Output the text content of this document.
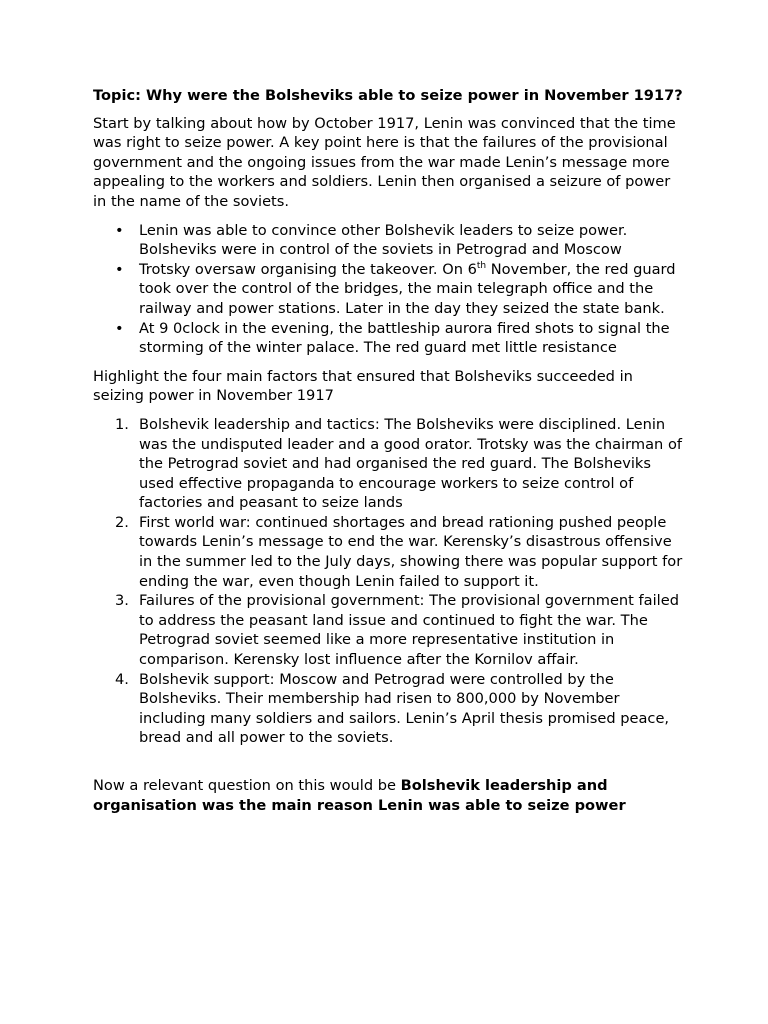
Topic: Why were the Bolsheviks able to seize power in November 1917?

Start by talking about how by October 1917, Lenin was convinced that the time was right to seize power. A key point here is that the failures of the provisional government and the ongoing issues from the war made Lenin’s message more appealing to the workers and soldiers. Lenin then organised a seizure of power in the name of the soviets.

• Lenin was able to convince other Bolshevik leaders to seize power. Bolsheviks were in control of the soviets in Petrograd and Moscow
• Trotsky oversaw organising the takeover. On 6th November, the red guard took over the control of the bridges, the main telegraph office and the railway and power stations. Later in the day they seized the state bank.
• At 9 0clock in the evening, the battleship aurora fired shots to signal the storming of the winter palace. The red guard met little resistance

Highlight the four main factors that ensured that Bolsheviks succeeded in seizing power in November 1917

1. Bolshevik leadership and tactics: The Bolsheviks were disciplined. Lenin was the undisputed leader and a good orator. Trotsky was the chairman of the Petrograd soviet and had organised the red guard. The Bolsheviks used effective propaganda to encourage workers to seize control of factories and peasant to seize lands
2. First world war: continued shortages and bread rationing pushed people towards Lenin’s message to end the war. Kerensky’s disastrous offensive in the summer led to the July days, showing there was popular support for ending the war, even though Lenin failed to support it.
3. Failures of the provisional government: The provisional government failed to address the peasant land issue and continued to fight the war. The Petrograd soviet seemed like a more representative institution in comparison. Kerensky lost influence after the Kornilov affair.
4. Bolshevik support: Moscow and Petrograd were controlled by the Bolsheviks. Their membership had risen to 800,000 by November including many soldiers and sailors. Lenin’s April thesis promised peace, bread and all power to the soviets.

Now a relevant question on this would be Bolshevik leadership and organisation was the main reason Lenin was able to seize power
